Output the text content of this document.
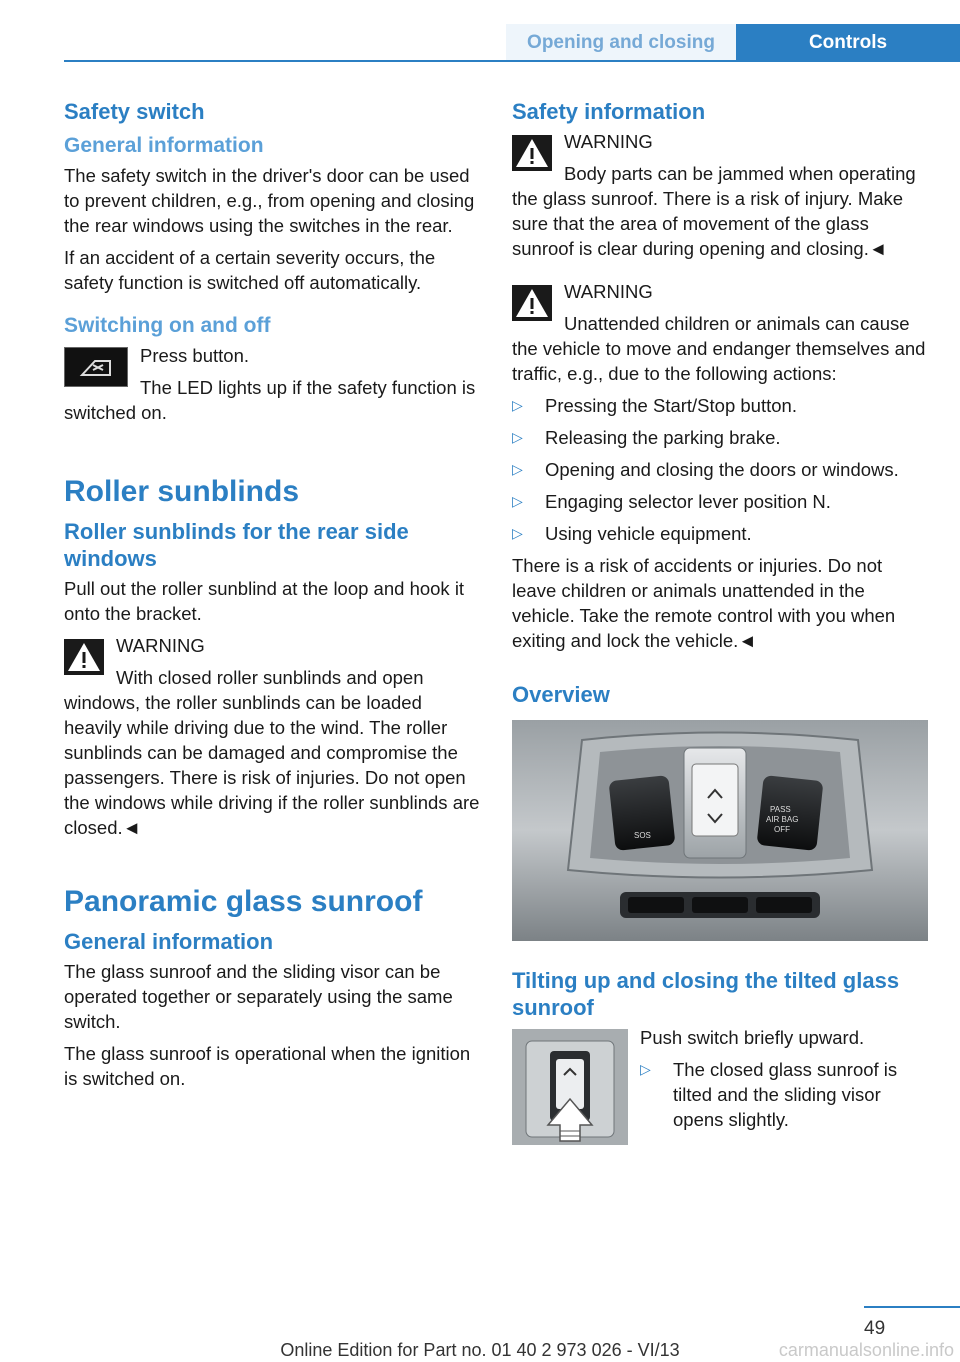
Opening and closing	Controls
Safety switch
General information

The safety switch in the driver's door can be used to prevent children, e.g., from opening and closing the rear windows using the switches in the rear.

If an accident of a certain severity occurs, the safety function is switched off automatically.

Switching on and off

Press button.

The LED lights up if the safety function is switched on.

Roller sunblinds
Roller sunblinds for the rear side windows

Pull out the roller sunblind at the loop and hook it onto the bracket.

WARNING

With closed roller sunblinds and open windows, the roller sunblinds can be loaded heavily while driving due to the wind. The roller sunblinds can be damaged and compromise the passengers. There is risk of injuries. Do not open the windows while driving if the roller sunblinds are closed.◄

Panoramic glass sunroof
General information

The glass sunroof and the sliding visor can be operated together or separately using the same switch.

The glass sunroof is operational when the ignition is switched on.

Safety information

WARNING

Body parts can be jammed when operating the glass sunroof. There is a risk of injury. Make sure that the area of movement of the glass sunroof is clear during opening and closing.◄

WARNING

Unattended children or animals can cause the vehicle to move and endanger themselves and traffic, e.g., due to the following actions:

▷ Pressing the Start/Stop button.
▷ Releasing the parking brake.
▷ Opening and closing the doors or windows.
▷ Engaging selector lever position N.
▷ Using vehicle equipment.

There is a risk of accidents or injuries. Do not leave children or animals unattended in the vehicle. Take the remote control with you when exiting and lock the vehicle.◄

Overview
SOS
PASS
AIR BAG
OFF
Tilting up and closing the tilted glass sunroof

Push switch briefly upward.

▷ The closed glass sunroof is tilted and the sliding visor opens slightly.
49
Online Edition for Part no. 01 40 2 973 026 - VI/13	carmanualsonline.info
